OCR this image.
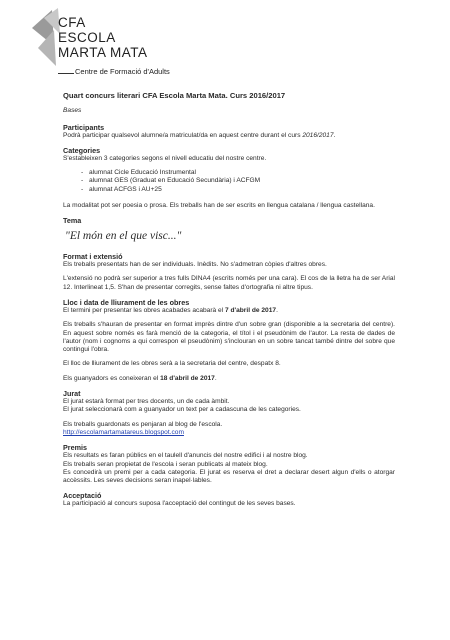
CFA
ESCOLA
MARTA MATA
Centre de Formació d'Adults
Quart concurs literari CFA Escola Marta Mata. Curs 2016/2017
Bases
Participants

Podrà participar qualsevol alumne/a matriculat/da en aquest centre durant el curs 2016/2017.

Categories

S'estableixen 3 categories segons el nivell educatiu del nostre centre.

- alumnat Cicle Educació Instrumental
- alumnat GES (Graduat en Educació Secundària) i ACFGM
- alumnat ACFGS i AU+25

La modalitat pot ser poesia o prosa. Els treballs han de ser escrits en llengua catalana / llengua castellana.

Tema
"El món en el que visc..."
Format i extensió

Els treballs presentats han de ser individuals. Inèdits. No s'admetran còpies d'altres obres.

L'extensió no podrà ser superior a tres fulls DINA4 (escrits només per una cara). El cos de la lletra ha de ser Arial 12. Interlineat 1,5. S'han de presentar corregits, sense faltes d'ortografia ni altre tipus.

Lloc i data de lliurament de les obres

El termini per presentar les obres acabades acabarà el 7 d'abril de 2017.

Els treballs s'hauran de presentar en format imprès dintre d'un sobre gran (disponible a la secretaria del centre). En aquest sobre només es farà menció de la categoria, el títol i el pseudònim de l'autor. La resta de dades de l'autor (nom i cognoms a qui correspon el pseudònim) s'inclouran en un sobre tancat també dintre del sobre que contingui l'obra.

El lloc de lliurament de les obres serà a la secretaria del centre, despatx 8.

Els guanyadors es coneixeran el 18 d'abril de 2017.

Jurat

El jurat estarà format per tres docents, un de cada àmbit.

El jurat seleccionarà com a guanyador un text per a cadascuna de les categories.

Els treballs guardonats es penjaran al blog de l'escola.

http://escolamartamatareus.blogspot.com

Premis

Els resultats es faran públics en el taulell d'anuncis del nostre edifici i al nostre blog.

Els treballs seran propietat de l'escola i seran publicats al mateix blog.

Es concedirà un premi per a cada categoria. El jurat es reserva el dret a declarar desert algun d'ells o atorgar accèssits. Les seves decisions seran inapel·lables.

Acceptació

La participació al concurs suposa l'acceptació del contingut de les seves bases.
